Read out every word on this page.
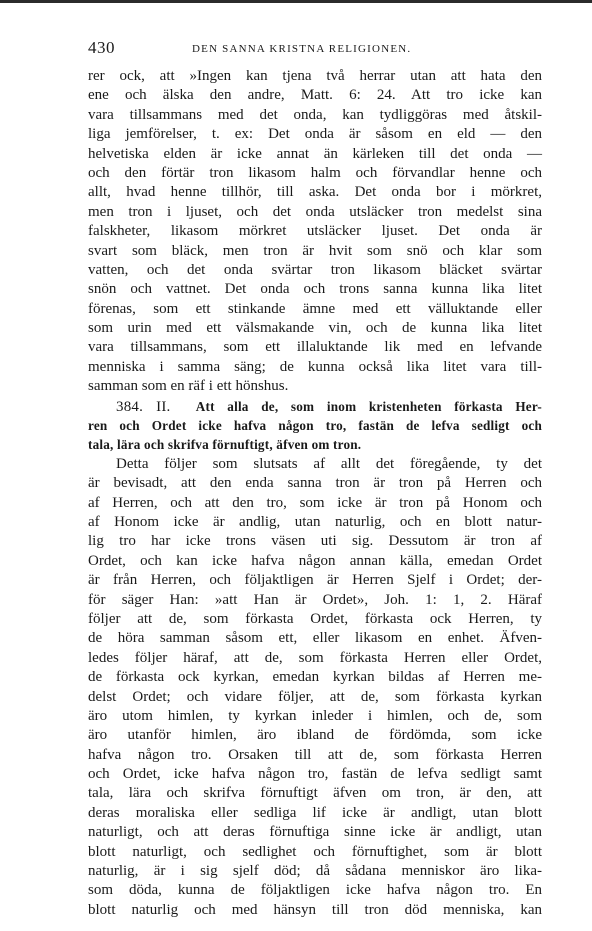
430	DEN SANNA KRISTNA RELIGIONEN.
rer ock, att »Ingen kan tjena två herrar utan att hata den
ene och älska den andre, Matt. 6: 24. Att tro icke kan
vara tillsammans med det onda, kan tydliggöras med åtskil-
liga jemförelser, t. ex: Det onda är såsom en eld — den
helvetiska elden är icke annat än kärleken till det onda —
och den förtär tron likasom halm och förvandlar henne och
allt, hvad henne tillhör, till aska. Det onda bor i mörkret,
men tron i ljuset, och det onda utsläcker tron medelst sina
falskheter, likasom mörkret utsläcker ljuset. Det onda är
svart som bläck, men tron är hvit som snö och klar som
vatten, och det onda svärtar tron likasom bläcket svärtar
snön och vattnet. Det onda och trons sanna kunna lika litet
förenas, som ett stinkande ämne med ett välluktande eller
som urin med ett välsmakande vin, och de kunna lika litet
vara tillsammans, som ett illaluktande lik med en lefvande
menniska i samma säng; de kunna också lika litet vara till-
samman som en räf i ett hönshus.
384. II. Att alla de, som inom kristenheten förkasta Her-
ren och Ordet icke hafva någon tro, fastän de lefva sedligt och
tala, lära och skrifva förnuftigt, äfven om tron.
Detta följer som slutsats af allt det föregående, ty det
är bevisadt, att den enda sanna tron är tron på Herren och
af Herren, och att den tro, som icke är tron på Honom och
af Honom icke är andlig, utan naturlig, och en blott natur-
lig tro har icke trons väsen uti sig. Dessutom är tron af
Ordet, och kan icke hafva någon annan källa, emedan Ordet
är från Herren, och följaktligen är Herren Sjelf i Ordet; der-
för säger Han: »att Han är Ordet», Joh. 1: 1, 2. Häraf
följer att de, som förkasta Ordet, förkasta ock Herren, ty
de höra samman såsom ett, eller likasom en enhet. Äfven-
ledes följer häraf, att de, som förkasta Herren eller Ordet,
de förkasta ock kyrkan, emedan kyrkan bildas af Herren me-
delst Ordet; och vidare följer, att de, som förkasta kyrkan
äro utom himlen, ty kyrkan inleder i himlen, och de, som
äro utanför himlen, äro ibland de fördömda, som icke
hafva någon tro. Orsaken till att de, som förkasta Herren
och Ordet, icke hafva någon tro, fastän de lefva sedligt samt
tala, lära och skrifva förnuftigt äfven om tron, är den, att
deras moraliska eller sedliga lif icke är andligt, utan blott
naturligt, och att deras förnuftiga sinne icke är andligt, utan
blott naturligt, och sedlighet och förnuftighet, som är blott
naturlig, är i sig sjelf död; då sådana menniskor äro lika-
som döda, kunna de följaktligen icke hafva någon tro. En
blott naturlig och med hänsyn till tron död menniska, kan
